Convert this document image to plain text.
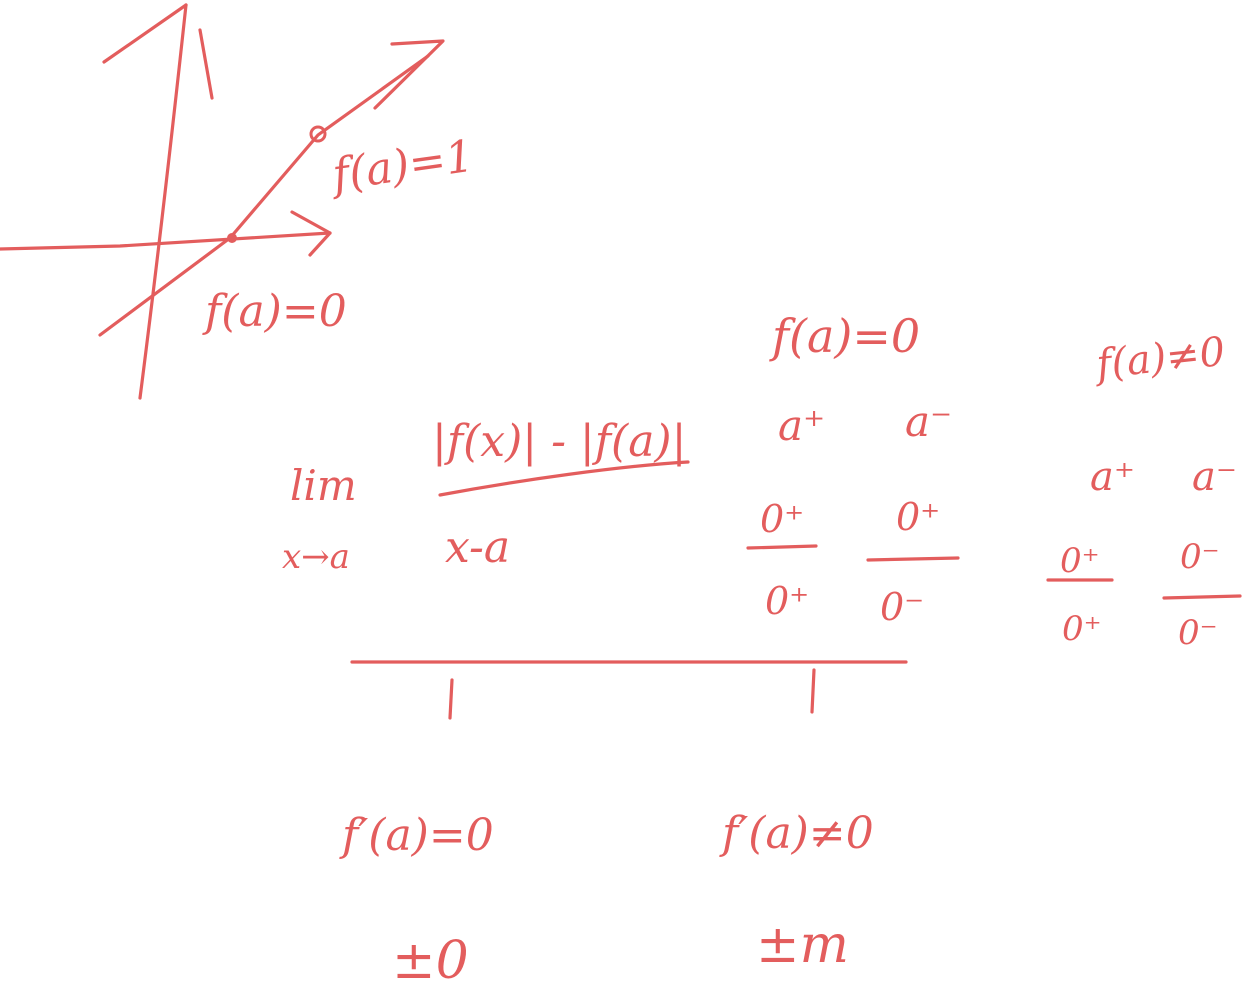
f(a)=1
f(a)=0
lim
x→a
|f(x)| - |f(a)|
x-a
f(a)=0
a⁺ a⁻
0⁺
0⁺
0⁺
0⁻
f(a)≠0
a⁺ a⁻
0⁺
0⁺
0⁻
0⁻
f′(a)=0	f′(a)≠0
±0	±m
